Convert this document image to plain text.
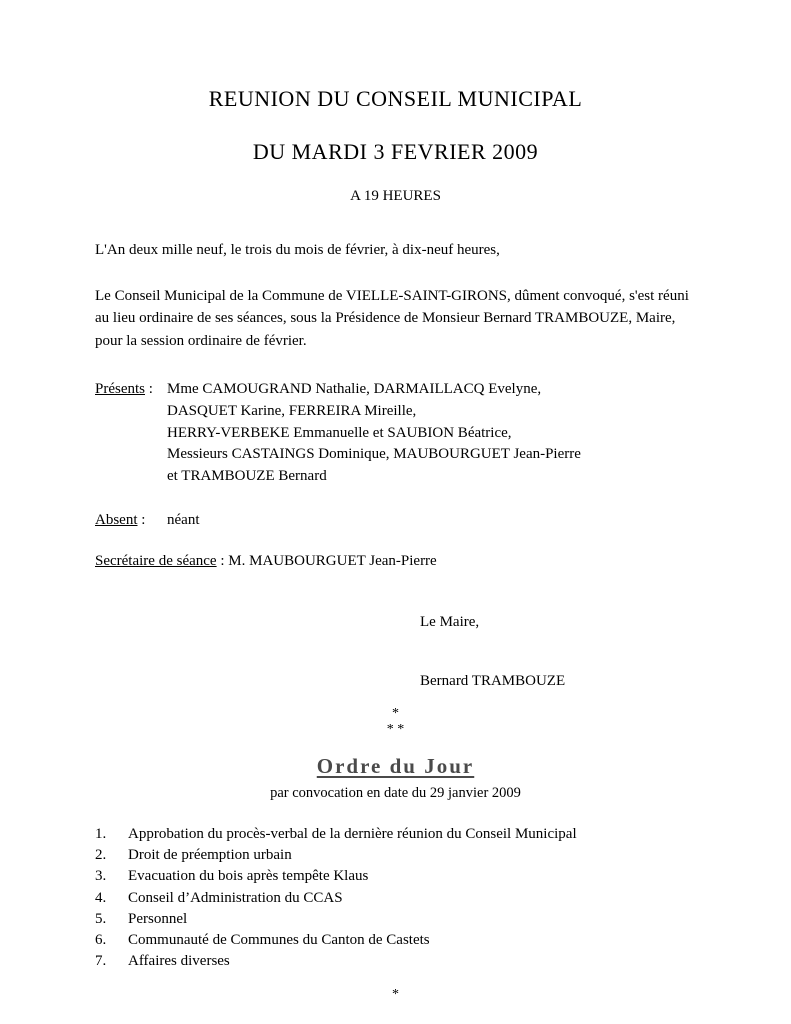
REUNION DU CONSEIL MUNICIPAL
DU MARDI 3 FEVRIER 2009
A 19 HEURES

L'An deux mille neuf, le trois du mois de février, à dix-neuf heures,

Le Conseil Municipal de la Commune de VIELLE-SAINT-GIRONS, dûment convoqué, s'est réuni au lieu ordinaire de ses séances, sous la Présidence de Monsieur Bernard TRAMBOUZE, Maire, pour la session ordinaire de février.

Présents : Mme CAMOUGRAND Nathalie, DARMAILLACQ Evelyne,
DASQUET Karine, FERREIRA Mireille,
HERRY-VERBEKE Emmanuelle et SAUBION Béatrice,
Messieurs CASTAINGS Dominique, MAUBOURGUET Jean-Pierre
et TRAMBOUZE Bernard
Absent :	néant

Secrétaire de séance : M. MAUBOURGUET Jean-Pierre

Le Maire,
Bernard TRAMBOUZE
*
* *
Ordre du Jour
par convocation en date du 29 janvier 2009
1.	Approbation du procès-verbal de la dernière réunion du Conseil Municipal
2.	Droit de préemption urbain
3.	Evacuation du bois après tempête Klaus
4.	Conseil d’Administration du CCAS
5.	Personnel
6.	Communauté de Communes du Canton de Castets
7.	Affaires diverses
*
